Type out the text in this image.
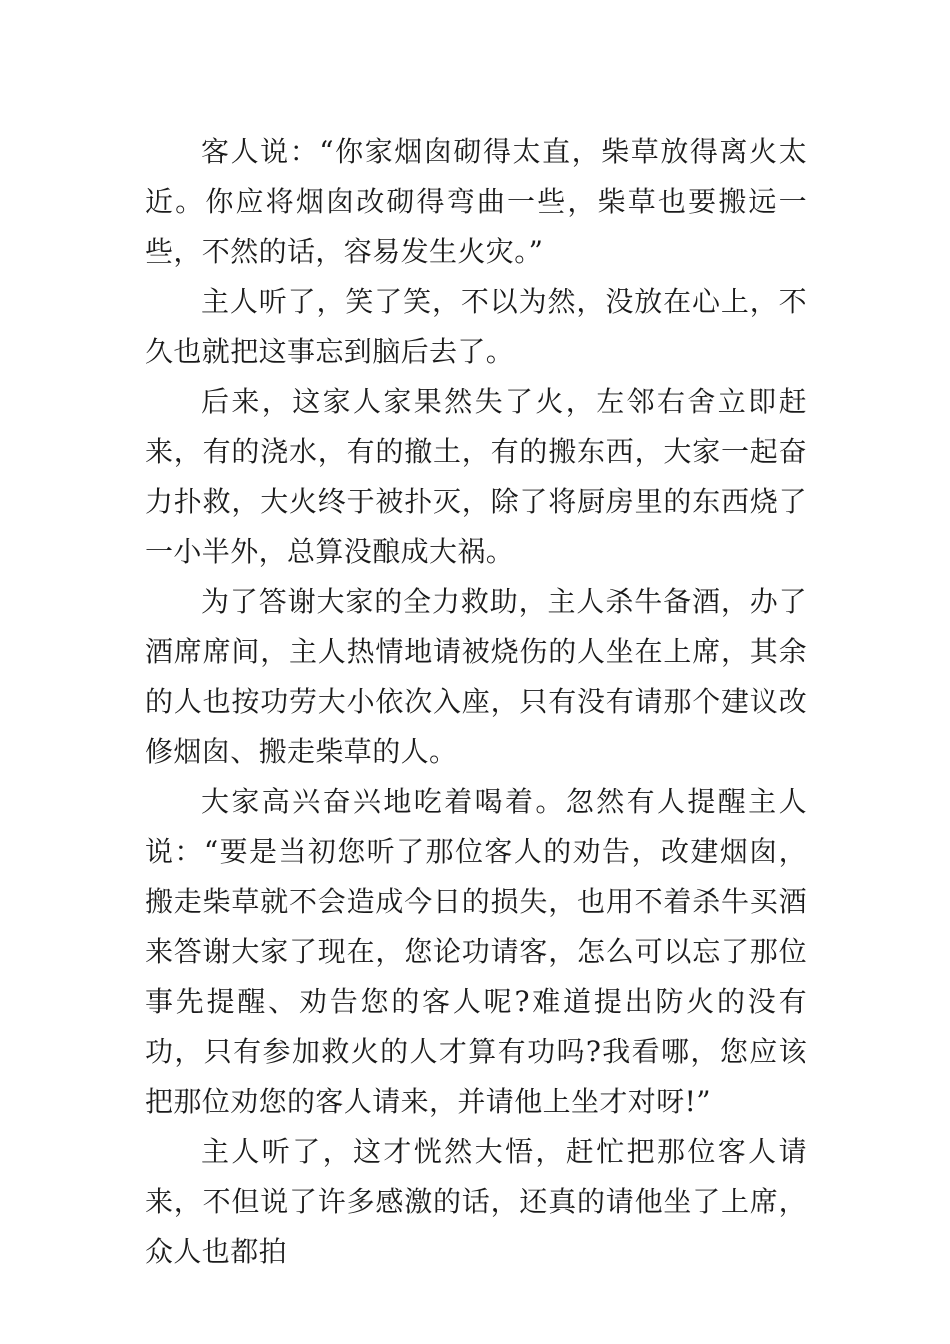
客人说：“你家烟囱砌得太直，柴草放得离火太近。你应将烟囱改砌得弯曲一些，柴草也要搬远一些，不然的话，容易发生火灾。”

主人听了，笑了笑，不以为然，没放在心上，不久也就把这事忘到脑后去了。

后来，这家人家果然失了火，左邻右舍立即赶来，有的浇水，有的撤土，有的搬东西，大家一起奋力扑救，大火终于被扑灭，除了将厨房里的东西烧了一小半外，总算没酿成大祸。

为了答谢大家的全力救助，主人杀牛备酒，办了酒席席间，主人热情地请被烧伤的人坐在上席，其余的人也按功劳大小依次入座，只有没有请那个建议改修烟囱、搬走柴草的人。

大家高兴奋兴地吃着喝着。忽然有人提醒主人说：“要是当初您听了那位客人的劝告，改建烟囱，搬走柴草就不会造成今日的损失，也用不着杀牛买酒来答谢大家了现在，您论功请客，怎么可以忘了那位事先提醒、劝告您的客人呢?难道提出防火的没有功，只有参加救火的人才算有功吗?我看哪，您应该把那位劝您的客人请来，并请他上坐才对呀!”

主人听了，这才恍然大悟，赶忙把那位客人请来，不但说了许多感激的话，还真的请他坐了上席，众人也都拍
